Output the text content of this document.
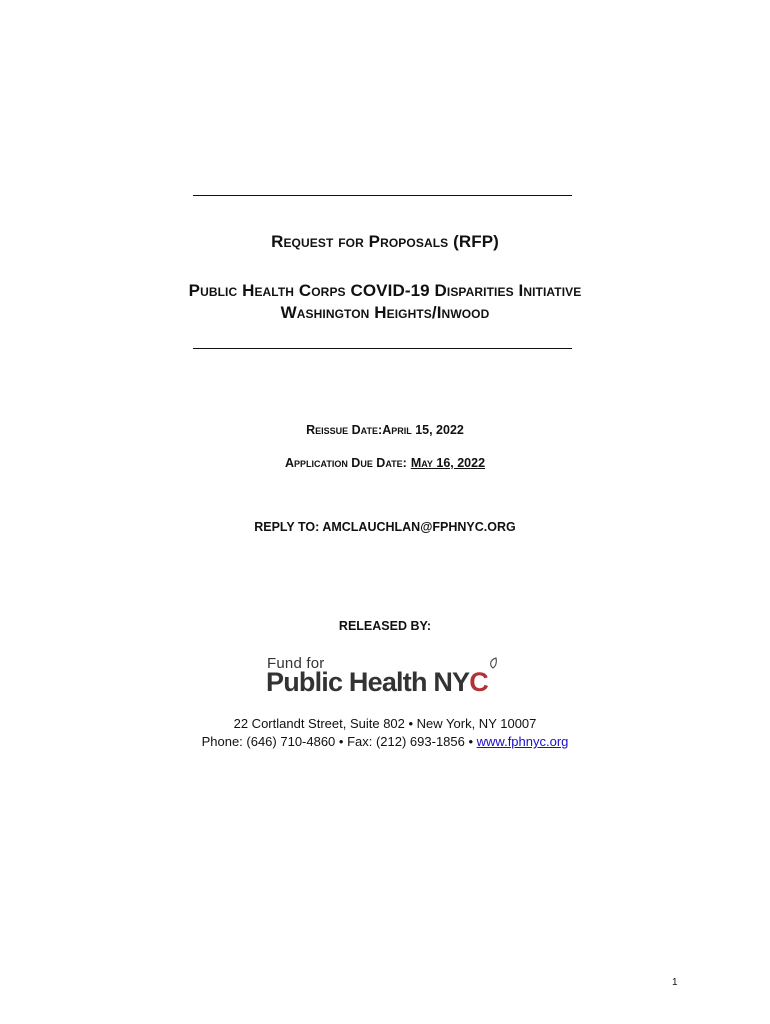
Request for Proposals (RFP)
Public Health Corps COVID-19 Disparities Initiative
Washington Heights/Inwood
Reissue Date:April 15, 2022
Application Due Date: May 16, 2022
REPLY TO: AMCLAUCHLAN@FPHNYC.ORG
RELEASED BY:
Fund for
Public Health NYC
22 Cortlandt Street, Suite 802 • New York, NY 10007
Phone: (646) 710-4860 • Fax: (212) 693-1856 • www.fphnyc.org
1
